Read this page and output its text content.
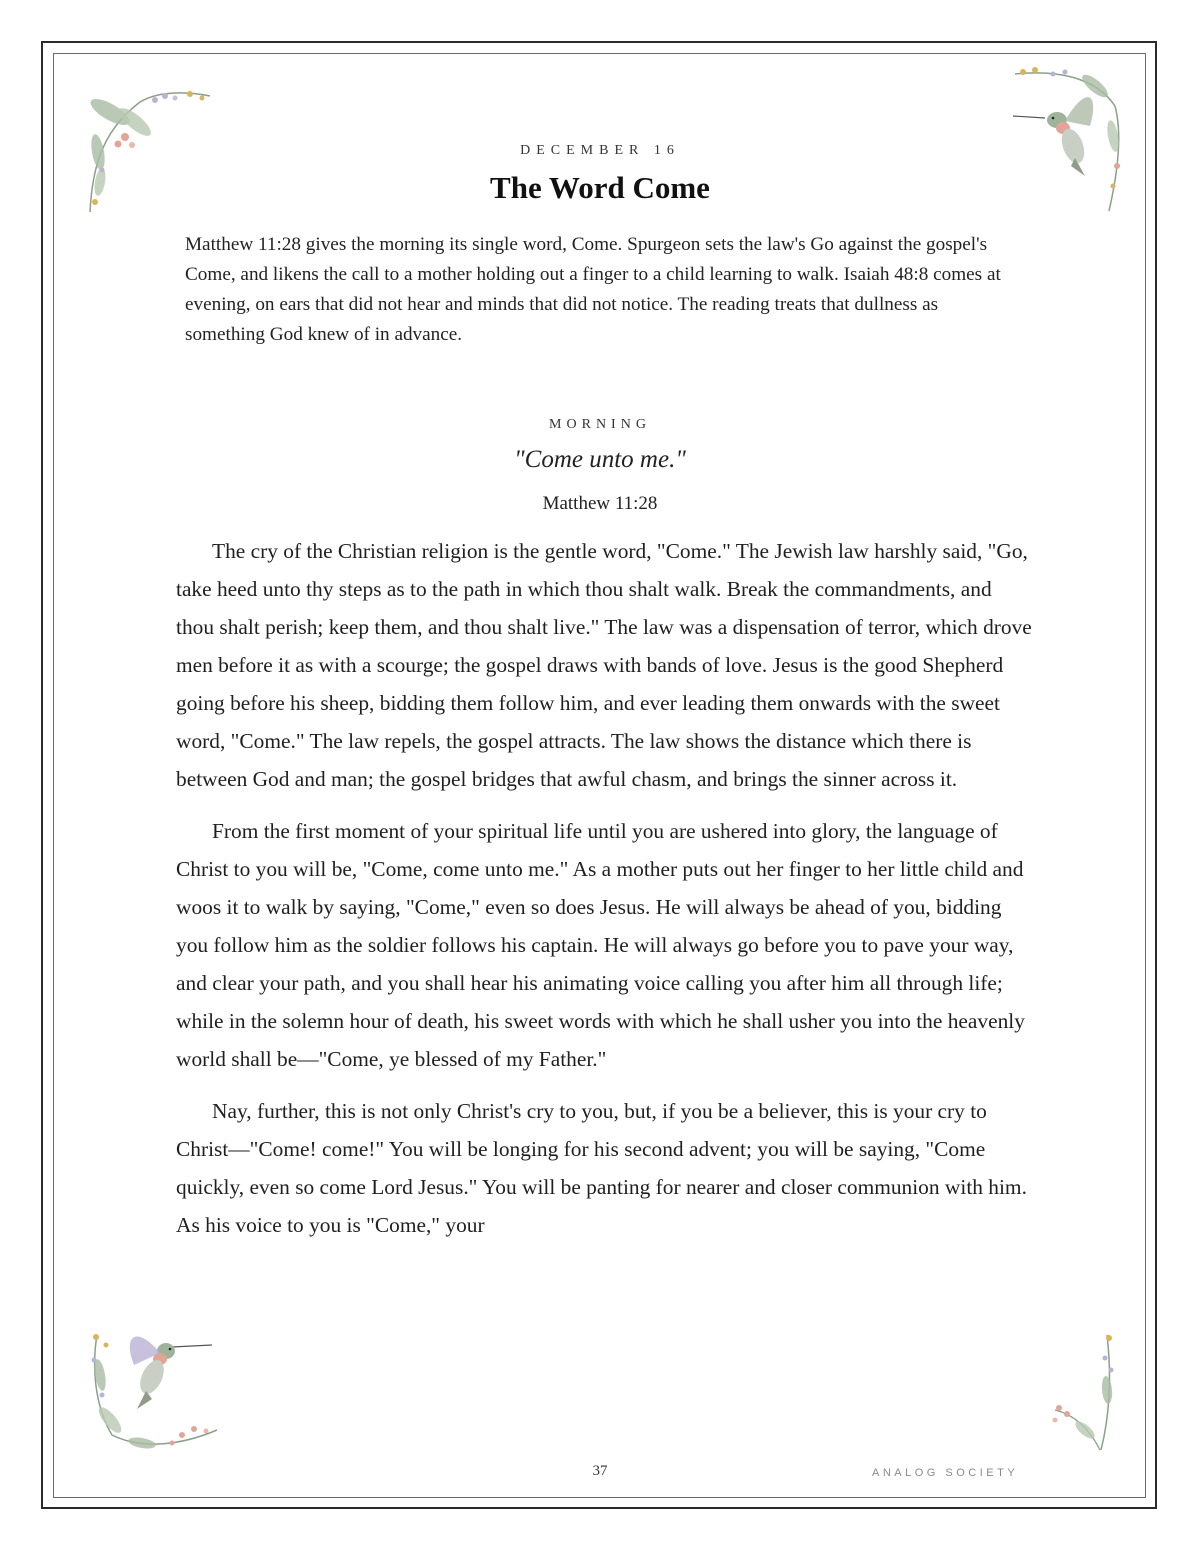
DECEMBER 16
The Word Come
Matthew 11:28 gives the morning its single word, Come. Spurgeon sets the law's Go against the gospel's Come, and likens the call to a mother holding out a finger to a child learning to walk. Isaiah 48:8 comes at evening, on ears that did not hear and minds that did not notice. The reading treats that dullness as something God knew of in advance.
MORNING
"Come unto me."
Matthew 11:28

The cry of the Christian religion is the gentle word, "Come." The Jewish law harshly said, "Go, take heed unto thy steps as to the path in which thou shalt walk. Break the commandments, and thou shalt perish; keep them, and thou shalt live." The law was a dispensation of terror, which drove men before it as with a scourge; the gospel draws with bands of love. Jesus is the good Shepherd going before his sheep, bidding them follow him, and ever leading them onwards with the sweet word, "Come." The law repels, the gospel attracts. The law shows the distance which there is between God and man; the gospel bridges that awful chasm, and brings the sinner across it.

From the first moment of your spiritual life until you are ushered into glory, the language of Christ to you will be, "Come, come unto me." As a mother puts out her finger to her little child and woos it to walk by saying, "Come," even so does Jesus. He will always be ahead of you, bidding you follow him as the soldier follows his captain. He will always go before you to pave your way, and clear your path, and you shall hear his animating voice calling you after him all through life; while in the solemn hour of death, his sweet words with which he shall usher you into the heavenly world shall be—"Come, ye blessed of my Father."

Nay, further, this is not only Christ's cry to you, but, if you be a believer, this is your cry to Christ—"Come! come!" You will be longing for his second advent; you will be saying, "Come quickly, even so come Lord Jesus." You will be panting for nearer and closer communion with him. As his voice to you is "Come," your

37	ANALOG SOCIETY
